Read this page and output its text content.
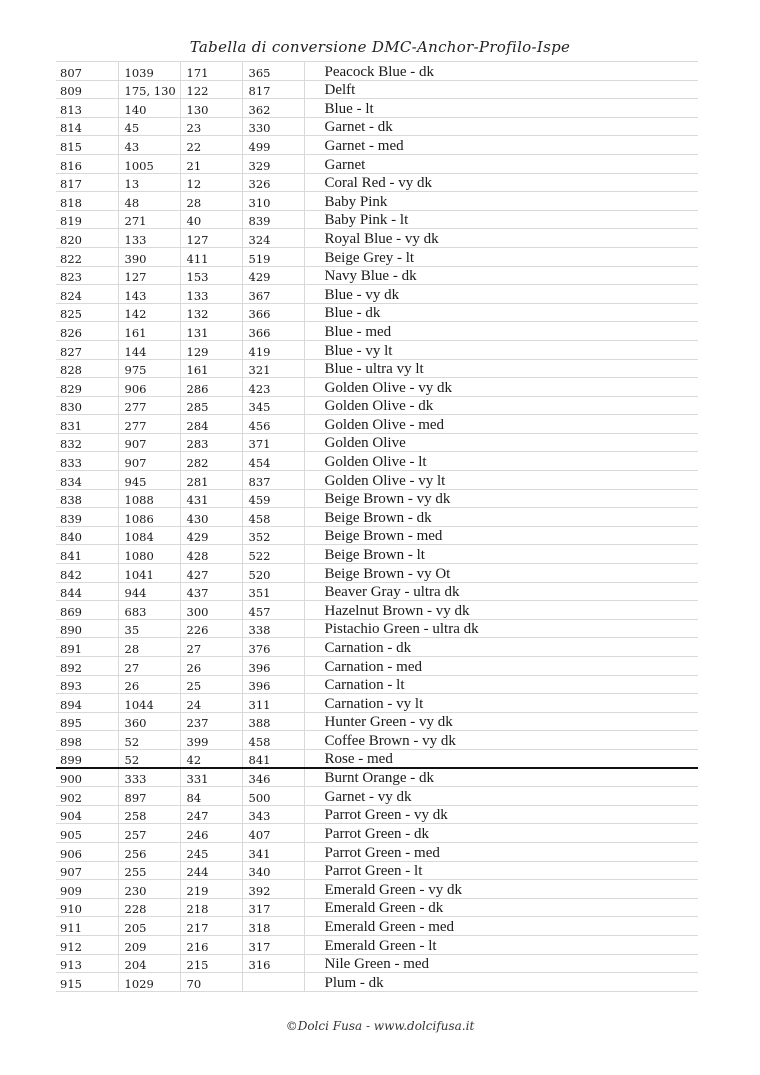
Tabella di conversione DMC-Anchor-Profilo-Ispe
807	1039	171	365	Peacock Blue - dk
809	175, 130	122	817	Delft
813	140	130	362	Blue - lt
814	45	23	330	Garnet - dk
815	43	22	499	Garnet - med
816	1005	21	329	Garnet
817	13	12	326	Coral Red - vy dk
818	48	28	310	Baby Pink
819	271	40	839	Baby Pink - lt
820	133	127	324	Royal Blue - vy dk
822	390	411	519	Beige Grey - lt
823	127	153	429	Navy Blue - dk
824	143	133	367	Blue - vy dk
825	142	132	366	Blue - dk
826	161	131	366	Blue - med
827	144	129	419	Blue - vy lt
828	975	161	321	Blue - ultra vy lt
829	906	286	423	Golden Olive - vy dk
830	277	285	345	Golden Olive - dk
831	277	284	456	Golden Olive - med
832	907	283	371	Golden Olive
833	907	282	454	Golden Olive - lt
834	945	281	837	Golden Olive - vy lt
838	1088	431	459	Beige Brown - vy dk
839	1086	430	458	Beige Brown - dk
840	1084	429	352	Beige Brown - med
841	1080	428	522	Beige Brown - lt
842	1041	427	520	Beige Brown - vy Ot
844	944	437	351	Beaver Gray - ultra dk
869	683	300	457	Hazelnut Brown - vy dk
890	35	226	338	Pistachio Green - ultra dk
891	28	27	376	Carnation - dk
892	27	26	396	Carnation - med
893	26	25	396	Carnation - lt
894	1044	24	311	Carnation - vy lt
895	360	237	388	Hunter Green - vy dk
898	52	399	458	Coffee Brown - vy dk
899	52	42	841	Rose - med
900	333	331	346	Burnt Orange - dk
902	897	84	500	Garnet - vy dk
904	258	247	343	Parrot Green - vy dk
905	257	246	407	Parrot Green - dk
906	256	245	341	Parrot Green - med
907	255	244	340	Parrot Green - lt
909	230	219	392	Emerald Green - vy dk
910	228	218	317	Emerald Green - dk
911	205	217	318	Emerald Green - med
912	209	216	317	Emerald Green - lt
913	204	215	316	Nile Green - med
915	1029	70		Plum - dk
©Dolci Fusa - www.dolcifusa.it
